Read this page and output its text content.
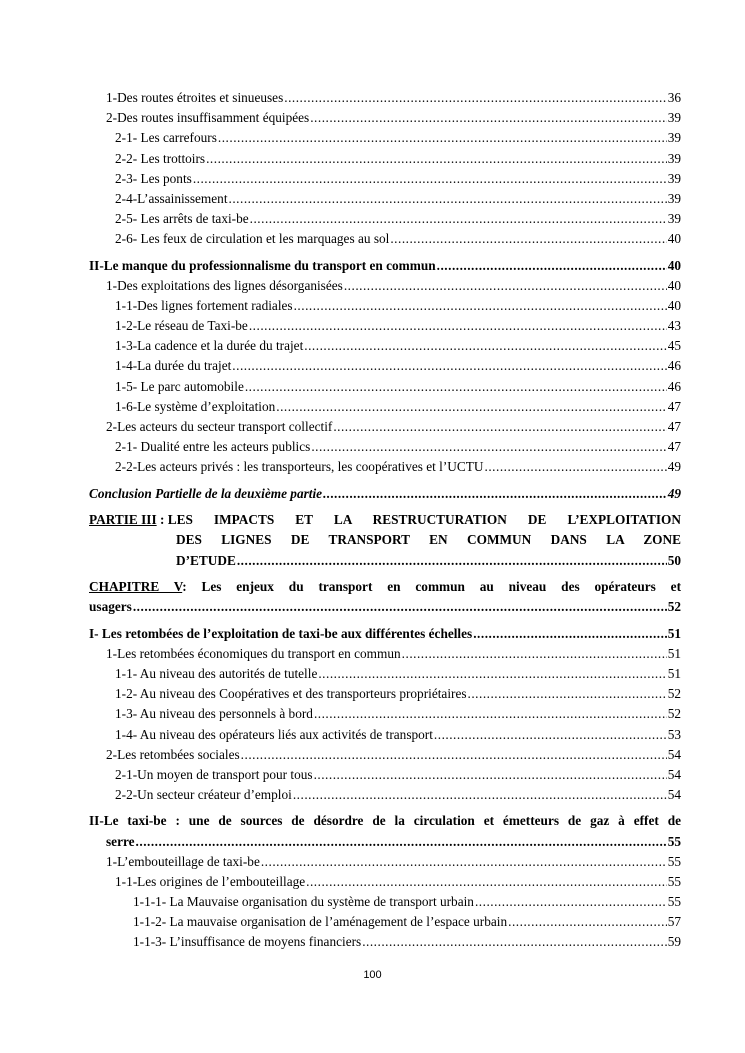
1-Des routes étroites et sinueuses .....	36
2-Des routes insuffisamment équipées .....	39
2-1- Les carrefours .....	39
2-2- Les trottoirs .....	39
2-3- Les ponts .....	39
2-4-L’assainissement .....	39
2-5- Les arrêts de taxi-be .....	39
2-6- Les feux de circulation et les marquages au sol .....	40
II-Le manque du professionnalisme du transport en commun .....	40
1-Des exploitations des lignes désorganisées .....	40
1-1-Des lignes fortement radiales .....	40
1-2-Le réseau de Taxi-be .....	43
1-3-La cadence et la durée du trajet .....	45
1-4-La durée du trajet .....	46
1-5- Le parc automobile .....	46
1-6-Le système d’exploitation .....	47
2-Les acteurs du secteur transport collectif .....	47
2-1- Dualité entre les acteurs publics .....	47
2-2-Les acteurs privés : les transporteurs, les coopératives et l’UCTU .....	49
Conclusion Partielle de la deuxième partie .....	49
PARTIE III : LES IMPACTS ET LA RESTRUCTURATION DE L’EXPLOITATION
DES LIGNES DE TRANSPORT EN COMMUN DANS LA ZONE
D’ETUDE .....	50
CHAPITRE V: Les enjeux du transport en commun au niveau des opérateurs et
usagers .....	52
I- Les retombées de l’exploitation de taxi-be aux différentes échelles .....	51
1-Les retombées économiques du transport en commun .....	51
1-1- Au niveau des autorités de tutelle .....	51
1-2- Au niveau des Coopératives et des transporteurs propriétaires .....	52
1-3- Au niveau des personnels à bord .....	52
1-4- Au niveau des opérateurs liés aux activités de transport .....	53
2-Les retombées sociales .....	54
2-1-Un moyen de transport pour tous .....	54
2-2-Un secteur créateur d’emploi .....	54
II-Le taxi-be : une de sources de désordre de la circulation et émetteurs de gaz à effet de
serre .....	55
1-L’embouteillage de taxi-be .....	55
1-1-Les origines de l’embouteillage .....	55
1-1-1- La Mauvaise organisation du système de transport urbain .....	55
1-1-2- La mauvaise organisation de l’aménagement de l’espace urbain .....	57
1-1-3- L’insuffisance de moyens financiers .....	59
100
